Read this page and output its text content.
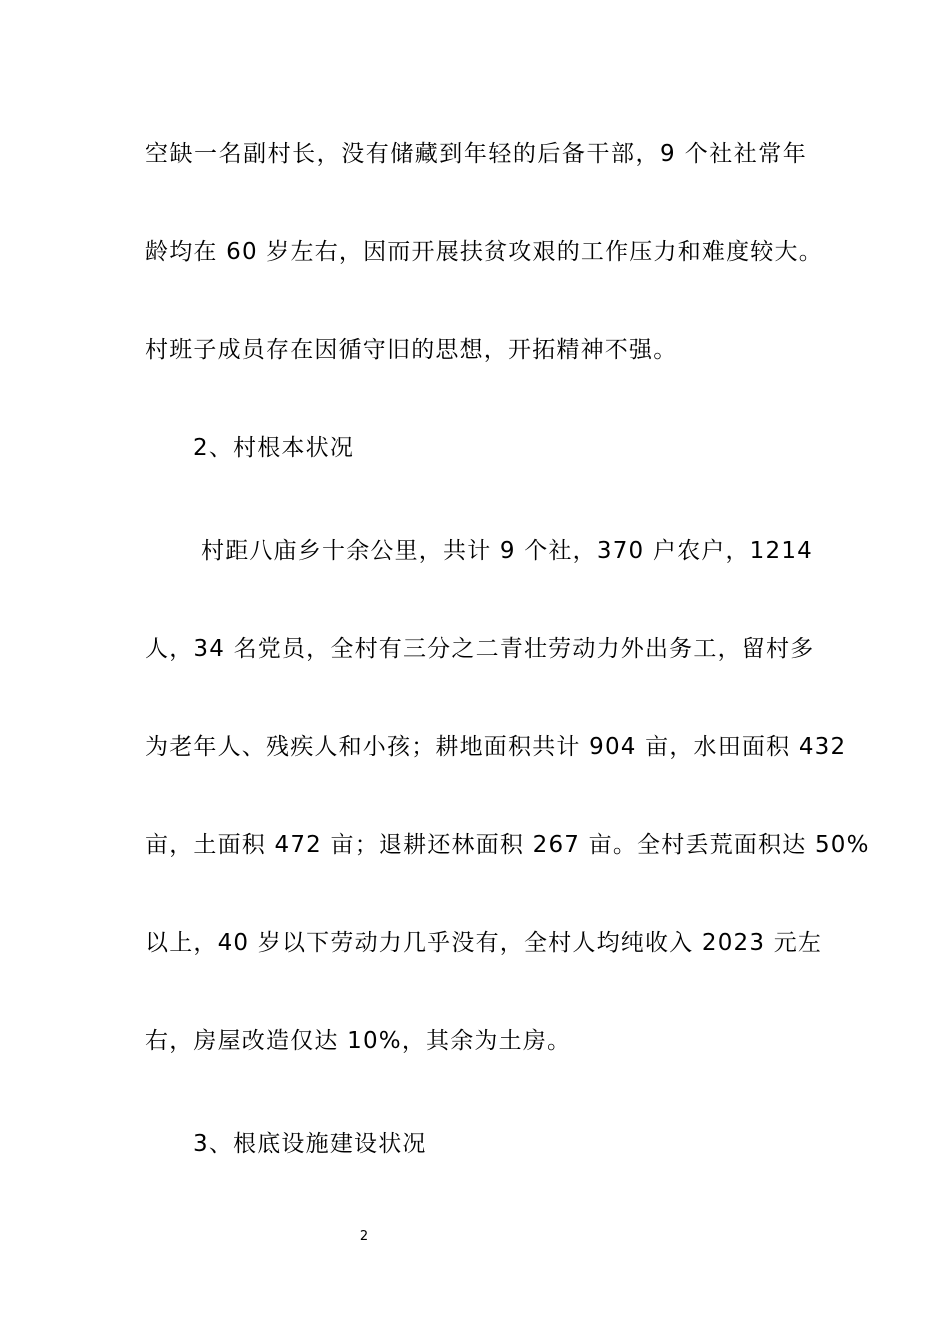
空缺一名副村长，没有储藏到年轻的后备干部，9 个社社常年
龄均在 60 岁左右，因而开展扶贫攻艰的工作压力和难度较大。
村班子成员存在因循守旧的思想，开拓精神不强。
2、村根本状况
村距八庙乡十余公里，共计 9 个社，370 户农户，1214
人，34 名党员，全村有三分之二青壮劳动力外出务工，留村多
为老年人、残疾人和小孩；耕地面积共计 904 亩，水田面积 432
亩，土面积 472 亩；退耕还林面积 267 亩。全村丢荒面积达 50%
以上，40 岁以下劳动力几乎没有，全村人均纯收入 2023 元左
右，房屋改造仅达 10%，其余为土房。
3、根底设施建设状况
2
